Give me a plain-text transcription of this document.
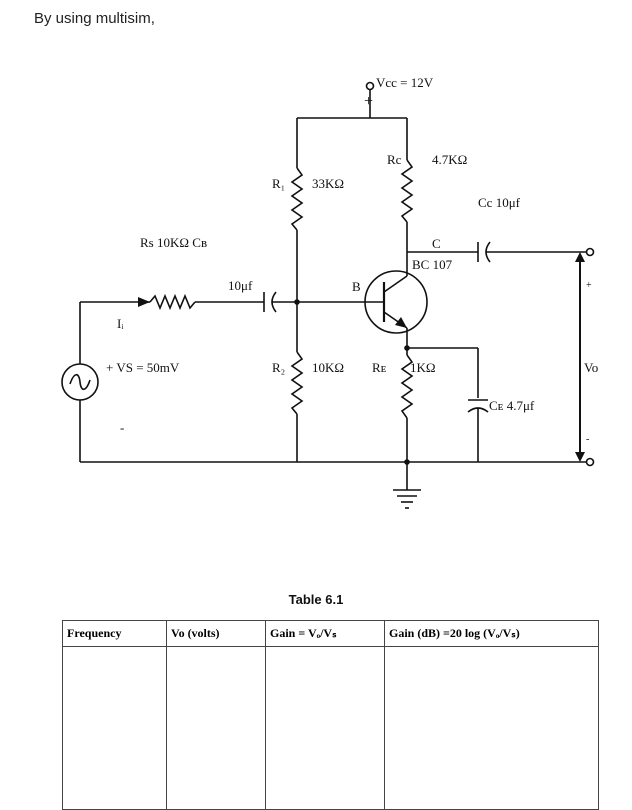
By using multisim,
Vcc = 12V
+
R₁ 33KΩ
Rc 4.7KΩ
Cc 10μf
Rs 10KΩ Cʙ
10μf
C
BC 107
B
Iᵢ
+ VS = 50mV	R₂ 10KΩ Rᴇ 1KΩ
Cᴇ 4.7μf
Vo
+
-
-
Table 6.1
Frequency	Vo (volts)	Gain = Vₒ/Vₛ	Gain (dB) =20 log (Vₒ/Vₛ)
